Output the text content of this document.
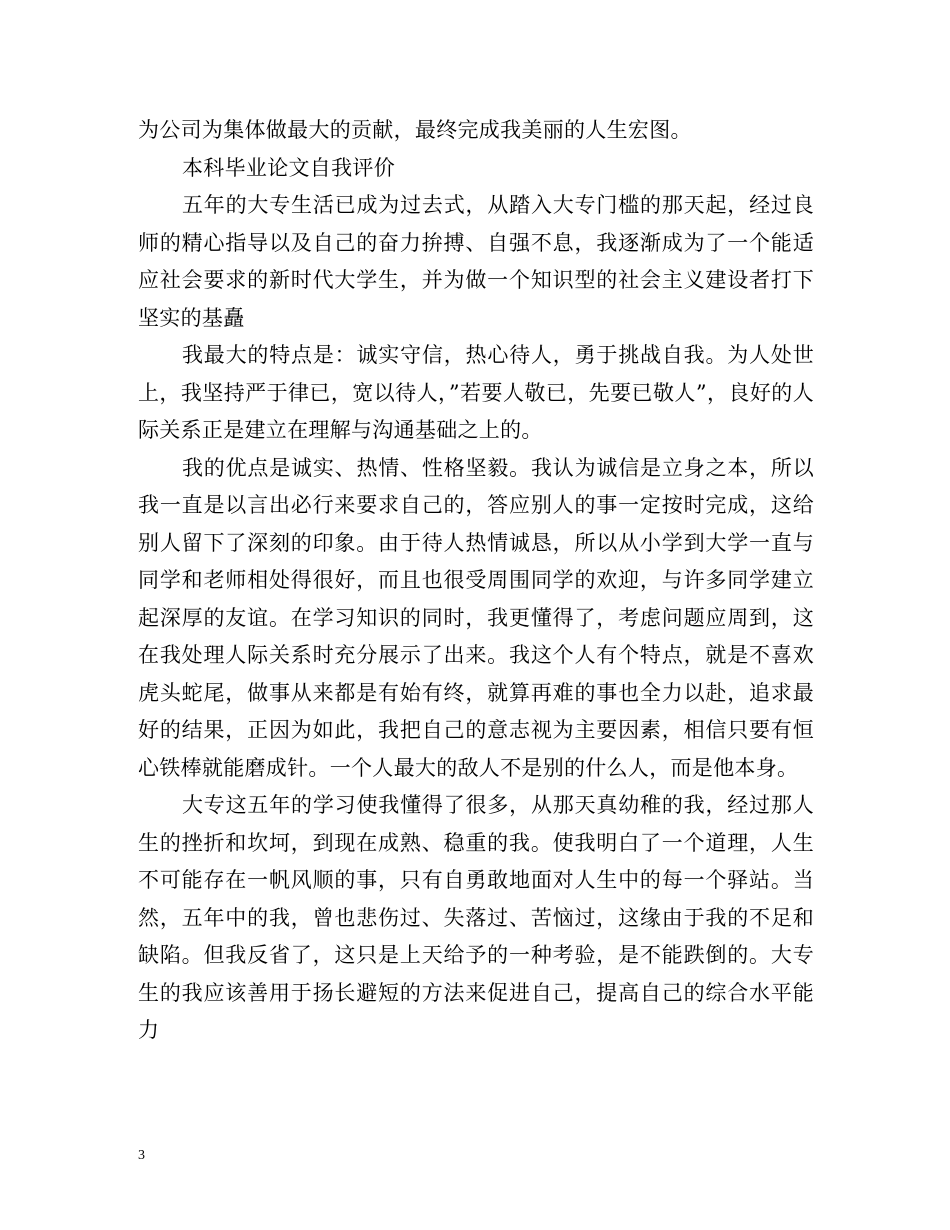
为公司为集体做最大的贡献，最终完成我美丽的人生宏图。

本科毕业论文自我评价

五年的大专生活已成为过去式，从踏入大专门槛的那天起，经过良师的精心指导以及自己的奋力拚搏、自强不息，我逐渐成为了一个能适应社会要求的新时代大学生，并为做一个知识型的社会主义建设者打下坚实的基矗

我最大的特点是：诚实守信，热心待人，勇于挑战自我。为人处世上，我坚持严于律已，宽以待人，”若要人敬已，先要已敬人”，良好的人际关系正是建立在理解与沟通基础之上的。

我的优点是诚实、热情、性格坚毅。我认为诚信是立身之本，所以我一直是以言出必行来要求自己的，答应别人的事一定按时完成，这给别人留下了深刻的印象。由于待人热情诚恳，所以从小学到大学一直与同学和老师相处得很好，而且也很受周围同学的欢迎，与许多同学建立起深厚的友谊。在学习知识的同时，我更懂得了，考虑问题应周到，这在我处理人际关系时充分展示了出来。我这个人有个特点，就是不喜欢虎头蛇尾，做事从来都是有始有终，就算再难的事也全力以赴，追求最好的结果，正因为如此，我把自己的意志视为主要因素，相信只要有恒心铁棒就能磨成针。一个人最大的敌人不是别的什么人，而是他本身。

大专这五年的学习使我懂得了很多，从那天真幼稚的我，经过那人生的挫折和坎坷，到现在成熟、稳重的我。使我明白了一个道理，人生不可能存在一帆风顺的事，只有自勇敢地面对人生中的每一个驿站。当然，五年中的我，曾也悲伤过、失落过、苦恼过，这缘由于我的不足和缺陷。但我反省了，这只是上天给予的一种考验，是不能跌倒的。大专生的我应该善用于扬长避短的方法来促进自己，提高自己的综合水平能力

3
